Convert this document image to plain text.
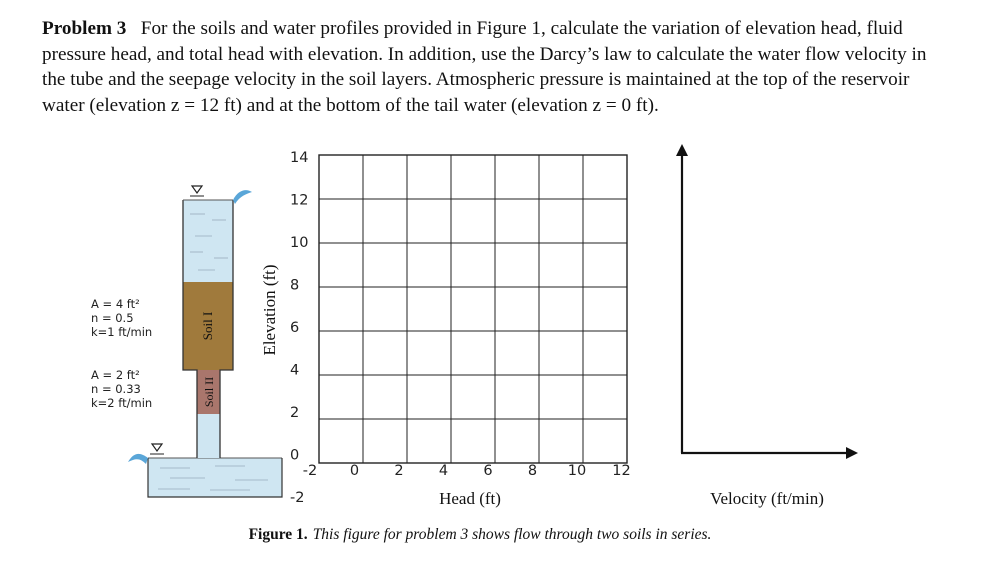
Problem 3 For the soils and water profiles provided in Figure 1, calculate the variation of elevation head, fluid pressure head, and total head with elevation. In addition, use the Darcy’s law to calculate the water flow velocity in the tube and the seepage velocity in the soil layers. Atmospheric pressure is maintained at the top of the reservoir water (elevation z = 12 ft) and at the bottom of the tail water (elevation z = 0 ft).

Soil I
Soil II
A = 4 ft²
n = 0.5
k=1 ft/min
A = 2 ft²
n = 0.33
k=2 ft/min
14
12
10
8
6
4
2
0
-2
-2 0 2 4 6 8 10 12
Elevation (ft)
Head (ft)	Velocity (ft/min)
Figure 1. This figure for problem 3 shows flow through two soils in series.
